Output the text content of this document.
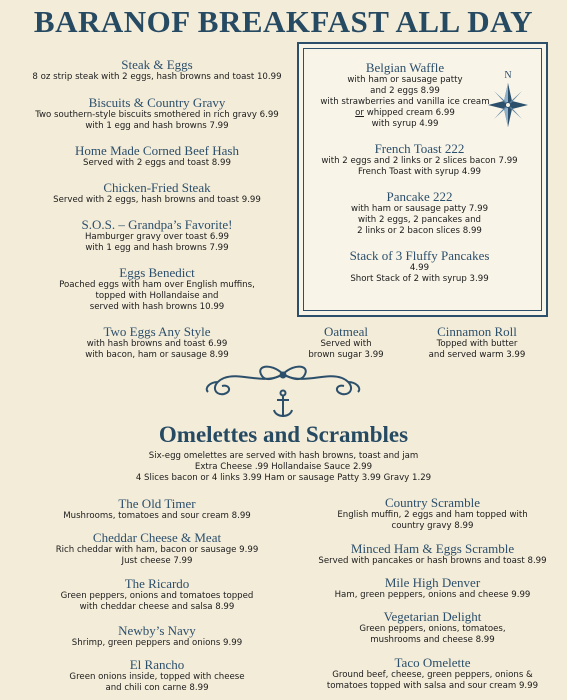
BARANOF BREAKFAST ALL DAY
Steak & Eggs
8 oz strip steak with 2 eggs, hash browns and toast 10.99
Biscuits & Country Gravy
Two southern-style biscuits smothered in rich gravy 6.99
with 1 egg and hash browns 7.99
Home Made Corned Beef Hash
Served with 2 eggs and toast 8.99
Chicken-Fried Steak
Served with 2 eggs, hash browns and toast 9.99
S.O.S. – Grandpa’s Favorite!
Hamburger gravy over toast 6.99
with 1 egg and hash browns 7.99
Eggs Benedict
Poached eggs with ham over English muffins,
topped with Hollandaise and
served with hash browns 10.99
Two Eggs Any Style
with hash browns and toast 6.99
with bacon, ham or sausage 8.99
Belgian Waffle
with ham or sausage patty
and 2 eggs 8.99
with strawberries and vanilla ice cream
or whipped cream 6.99
with syrup 4.99
N
French Toast 222
with 2 eggs and 2 links or 2 slices bacon 7.99
French Toast with syrup 4.99
Pancake 222
with ham or sausage patty 7.99
with 2 eggs, 2 pancakes and
2 links or 2 bacon slices 8.99
Stack of 3 Fluffy Pancakes
4.99
Short Stack of 2 with syrup 3.99
Oatmeal
Served with
brown sugar 3.99
Cinnamon Roll
Topped with butter
and served warm 3.99
Omelettes and Scrambles
Six-egg omelettes are served with hash browns, toast and jam
Extra Cheese .99 Hollandaise Sauce 2.99
4 Slices bacon or 4 links 3.99 Ham or sausage Patty 3.99 Gravy 1.29
The Old Timer
Mushrooms, tomatoes and sour cream 8.99
Cheddar Cheese & Meat
Rich cheddar with ham, bacon or sausage 9.99
Just cheese 7.99
The Ricardo
Green peppers, onions and tomatoes topped
with cheddar cheese and salsa 8.99
Newby’s Navy
Shrimp, green peppers and onions 9.99
El Rancho
Green onions inside, topped with cheese
and chili con carne 8.99
Country Scramble
English muffin, 2 eggs and ham topped with
country gravy 8.99
Minced Ham & Eggs Scramble
Served with pancakes or hash browns and toast 8.99
Mile High Denver
Ham, green peppers, onions and cheese 9.99
Vegetarian Delight
Green peppers, onions, tomatoes,
mushrooms and cheese 8.99
Taco Omelette
Ground beef, cheese, green peppers, onions &
tomatoes topped with salsa and sour cream 9.99
